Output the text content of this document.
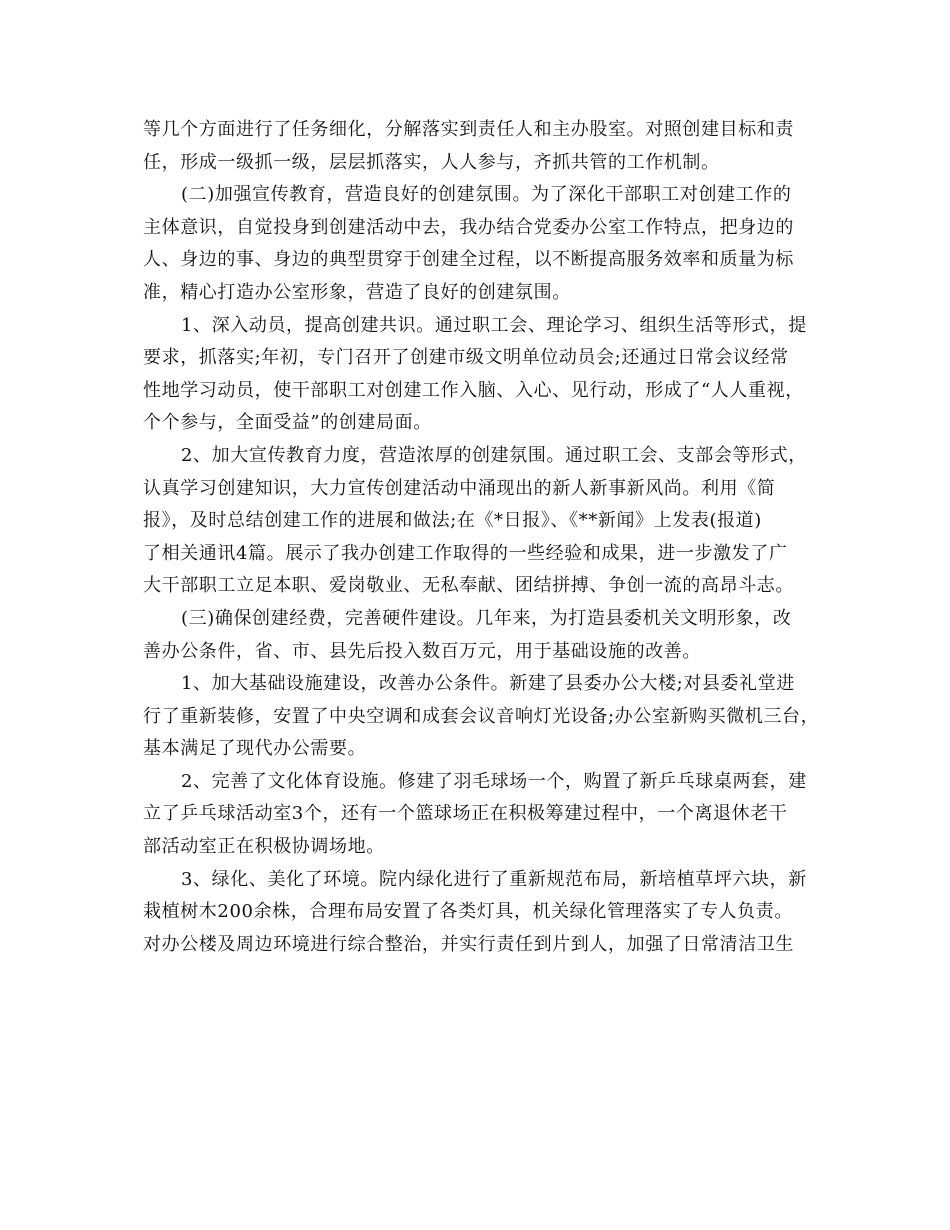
等几个方面进行了任务细化，分解落实到责任人和主办股室。对照创建目标和责
任，形成一级抓一级，层层抓落实，人人参与，齐抓共管的工作机制。

(二)加强宣传教育，营造良好的创建氛围。为了深化干部职工对创建工作的
主体意识，自觉投身到创建活动中去，我办结合党委办公室工作特点，把身边的
人、身边的事、身边的典型贯穿于创建全过程，以不断提高服务效率和质量为标
准，精心打造办公室形象，营造了良好的创建氛围。

1、深入动员，提高创建共识。通过职工会、理论学习、组织生活等形式，提
要求，抓落实;年初，专门召开了创建市级文明单位动员会;还通过日常会议经常
性地学习动员，使干部职工对创建工作入脑、入心、见行动，形成了“人人重视，
个个参与，全面受益”的创建局面。

2、加大宣传教育力度，营造浓厚的创建氛围。通过职工会、支部会等形式，
认真学习创建知识，大力宣传创建活动中涌现出的新人新事新风尚。利用《简
报》，及时总结创建工作的进展和做法;在《*日报》、《**新闻》上发表(报道)
了相关通讯4篇。展示了我办创建工作取得的一些经验和成果，进一步激发了广
大干部职工立足本职、爱岗敬业、无私奉献、团结拼搏、争创一流的高昂斗志。

(三)确保创建经费，完善硬件建设。几年来，为打造县委机关文明形象，改
善办公条件，省、市、县先后投入数百万元，用于基础设施的改善。

1、加大基础设施建设，改善办公条件。新建了县委办公大楼;对县委礼堂进
行了重新装修，安置了中央空调和成套会议音响灯光设备;办公室新购买微机三台，
基本满足了现代办公需要。

2、完善了文化体育设施。修建了羽毛球场一个，购置了新乒乓球桌两套，建
立了乒乓球活动室3个，还有一个篮球场正在积极筹建过程中，一个离退休老干
部活动室正在积极协调场地。

3、绿化、美化了环境。院内绿化进行了重新规范布局，新培植草坪六块，新
栽植树木200余株，合理布局安置了各类灯具，机关绿化管理落实了专人负责。
对办公楼及周边环境进行综合整治，并实行责任到片到人，加强了日常清洁卫生
